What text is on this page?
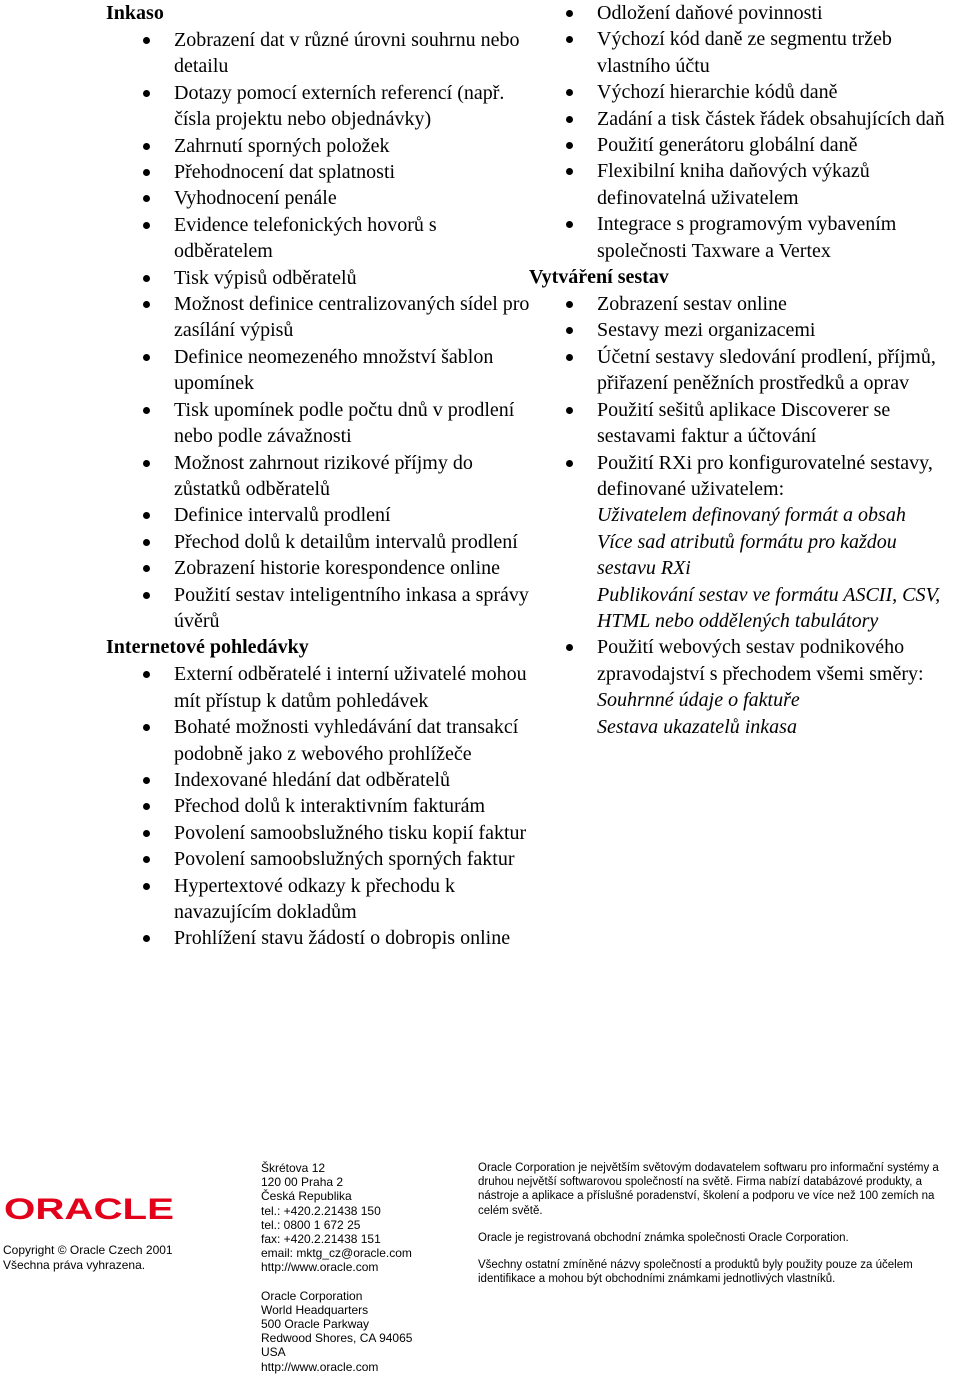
Inkaso
Zobrazení dat v různé úrovni souhrnu nebo detailu
Dotazy pomocí externích referencí (např. čísla projektu nebo objednávky)
Zahrnutí sporných položek
Přehodnocení dat splatnosti
Vyhodnocení penále
Evidence telefonických hovorů s odběratelem
Tisk výpisů odběratelů
Možnost definice centralizovaných sídel pro zasílání výpisů
Definice neomezeného množství šablon upomínek
Tisk upomínek podle počtu dnů v prodlení nebo podle závažnosti
Možnost zahrnout rizikové příjmy do zůstatků odběratelů
Definice intervalů prodlení
Přechod dolů k detailům intervalů prodlení
Zobrazení historie korespondence online
Použití sestav inteligentního inkasa a správy úvěrů
Internetové pohledávky
Externí odběratelé i interní uživatelé mohou mít přístup k datům pohledávek
Bohaté možnosti vyhledávání dat transakcí podobně jako z webového prohlížeče
Indexované hledání dat odběratelů
Přechod dolů k interaktivním fakturám
Povolení samoobslužného tisku kopií faktur
Povolení samoobslužných sporných faktur
Hypertextové odkazy k přechodu k navazujícím dokladům
Prohlížení stavu žádostí o dobropis online
Odložení daňové povinnosti
Výchozí kód daně ze segmentu tržeb vlastního účtu
Výchozí hierarchie kódů daně
Zadání a tisk částek řádek obsahujících daň
Použití generátoru globální daně
Flexibilní kniha daňových výkazů definovatelná uživatelem
Integrace s programovým vybavením společnosti Taxware a Vertex
Vytváření sestav
Zobrazení sestav online
Sestavy mezi organizacemi
Účetní sestavy sledování prodlení, příjmů, přiřazení peněžních prostředků a oprav
Použití sešitů aplikace Discoverer se sestavami faktur a účtování
Použití RXi pro konfigurovatelné sestavy, definované uživatelem:
Uživatelem definovaný formát a obsah
Více sad atributů formátu pro každou sestavu RXi
Publikování sestav ve formátu ASCII, CSV, HTML nebo oddělených tabulátory
Použití webových sestav podnikového zpravodajství s přechodem všemi směry:
Souhrnné údaje o faktuře
Sestava ukazatelů inkasa
ORACLE
Copyright © Oracle Czech 2001
Všechna práva vyhrazena.
Škrétova 12
120 00 Praha 2
Česká Republika
tel.: +420.2.21438 150
tel.: 0800 1 672 25
fax: +420.2.21438 151
email: mktg_cz@oracle.com
http://www.oracle.com
Oracle Corporation
World Headquarters
500 Oracle Parkway
Redwood Shores, CA 94065
USA
http://www.oracle.com

Oracle Corporation je největším světovým dodavatelem softwaru pro informační systémy a druhou největší softwarovou společností na světě. Firma nabízí databázové produkty, a nástroje a aplikace a příslušné poradenství, školení a podporu ve více než 100 zemích na celém světě.

Oracle je registrovaná obchodní známka společnosti Oracle Corporation.

Všechny ostatní zmíněné názvy společností a produktů byly použity pouze za účelem identifikace a mohou být obchodními známkami jednotlivých vlastníků.
